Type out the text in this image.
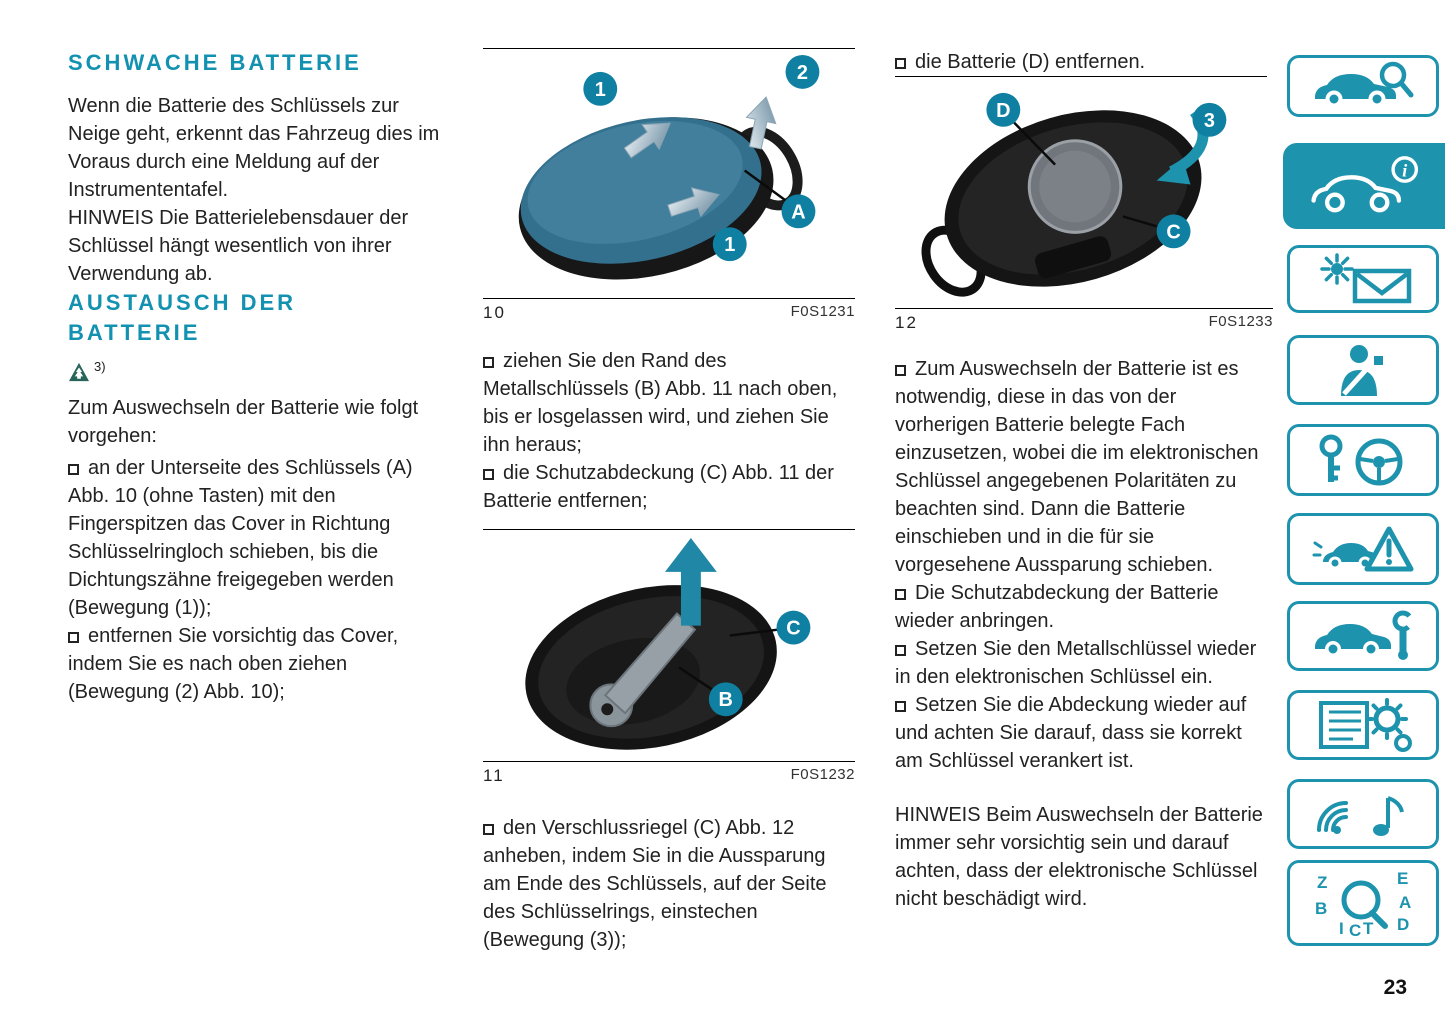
SCHWACHE BATTERIE

Wenn die Batterie des Schlüssels zur Neige geht, erkennt das Fahrzeug dies im Voraus durch eine Meldung auf der Instrumententafel.

HINWEIS Die Batterielebensdauer der Schlüssel hängt wesentlich von ihrer Verwendung ab.

AUSTAUSCH DER BATTERIE
3)

Zum Auswechseln der Batterie wie folgt vorgehen:

an der Unterseite des Schlüssels (A) Abb. 10 (ohne Tasten) mit den Fingerspitzen das Cover in Richtung Schlüsselringloch schieben, bis die Dichtungszähne freigegeben werden (Bewegung (1));

entfernen Sie vorsichtig das Cover, indem Sie es nach oben ziehen (Bewegung (2) Abb. 10);

1
2
A
1
10	F0S1231

ziehen Sie den Rand des Metallschlüssels (B) Abb. 11 nach oben, bis er losgelassen wird, und ziehen Sie ihn heraus;

die Schutzabdeckung (C) Abb. 11 der Batterie entfernen;

C
B
11	F0S1232

den Verschlussriegel (C) Abb. 12 anheben, indem Sie in die Aussparung am Ende des Schlüssels, auf der Seite des Schlüsselrings, einstechen (Bewegung (3));

die Batterie (D) entfernen.

D	3
C
12	F0S1233

Zum Auswechseln der Batterie ist es notwendig, diese in das von der vorherigen Batterie belegte Fach einzusetzen, wobei die im elektronischen Schlüssel angegebenen Polaritäten zu beachten sind. Dann die Batterie einschieben und in die für sie vorgesehene Aussparung schieben.

Die Schutzabdeckung der Batterie wieder anbringen.

Setzen Sie den Metallschlüssel wieder in den elektronischen Schlüssel ein.

Setzen Sie die Abdeckung wieder auf und achten Sie darauf, dass sie korrekt am Schlüssel verankert ist.

HINWEIS Beim Auswechseln der Batterie immer sehr vorsichtig sein und darauf achten, dass der elektronische Schlüssel nicht beschädigt wird.

i
Z	E
B	A
D
I C T
23
